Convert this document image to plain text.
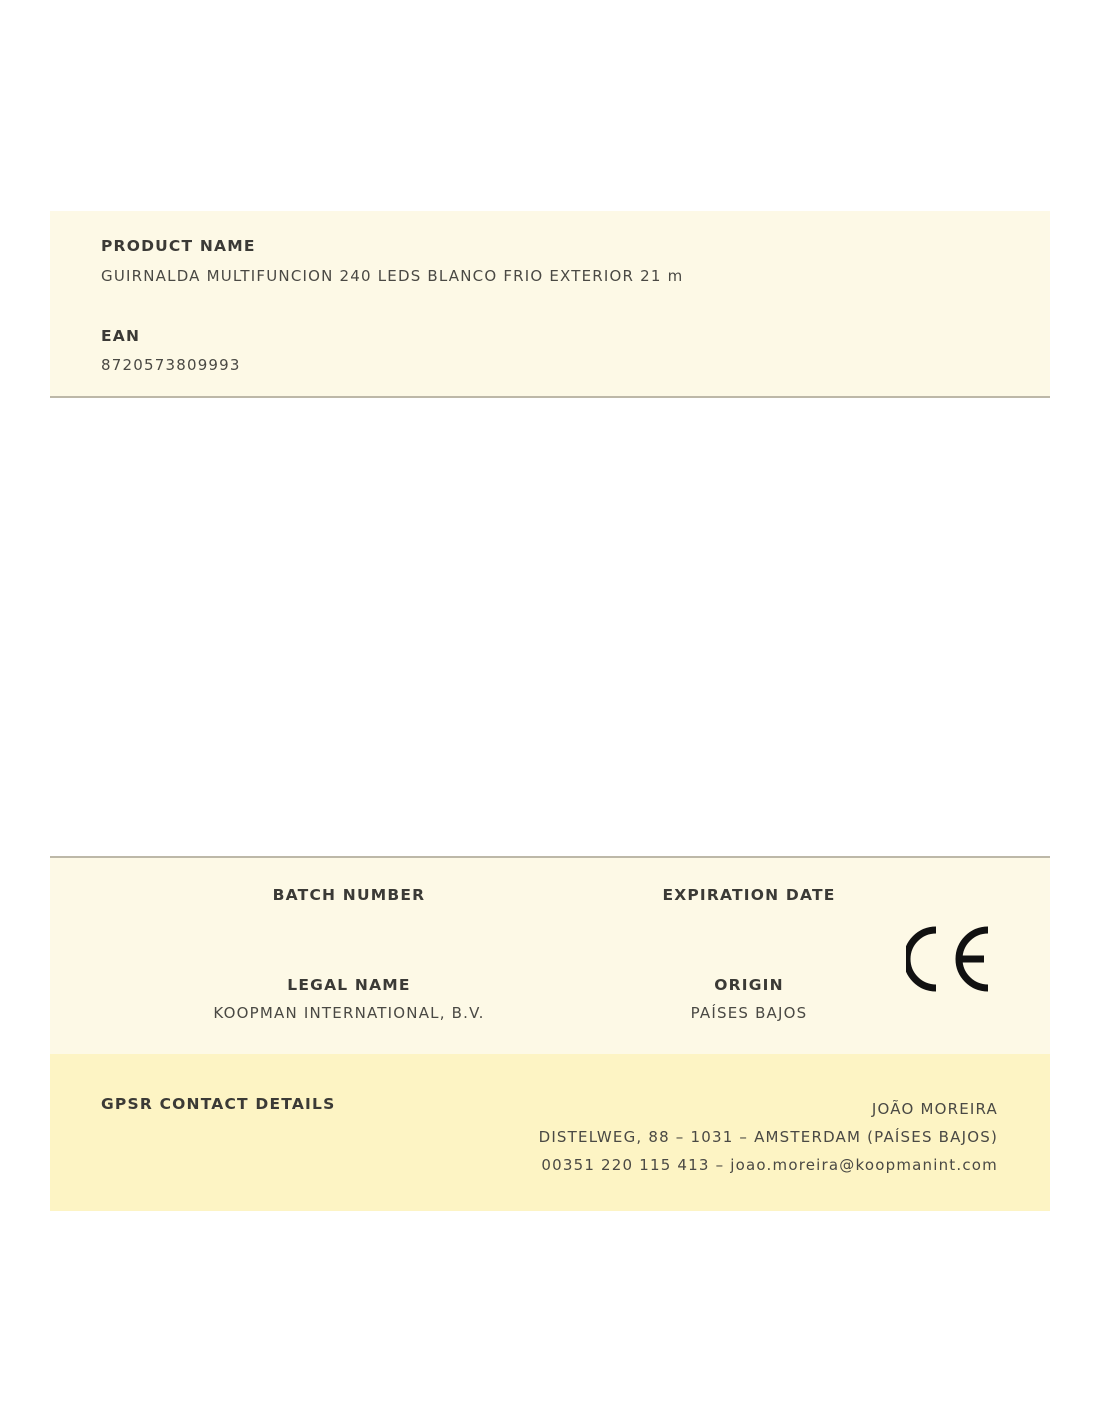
PRODUCT NAME
GUIRNALDA MULTIFUNCION 240 LEDS BLANCO FRIO EXTERIOR 21 m
EAN
8720573809993
BATCH NUMBER	EXPIRATION DATE
LEGAL NAME
KOOPMAN INTERNATIONAL, B.V.
ORIGIN
PAÍSES BAJOS
GPSR CONTACT DETAILS	JOÃO MOREIRA
DISTELWEG, 88 – 1031 – AMSTERDAM (PAÍSES BAJOS)
00351 220 115 413 – joao.moreira@koopmanint.com
